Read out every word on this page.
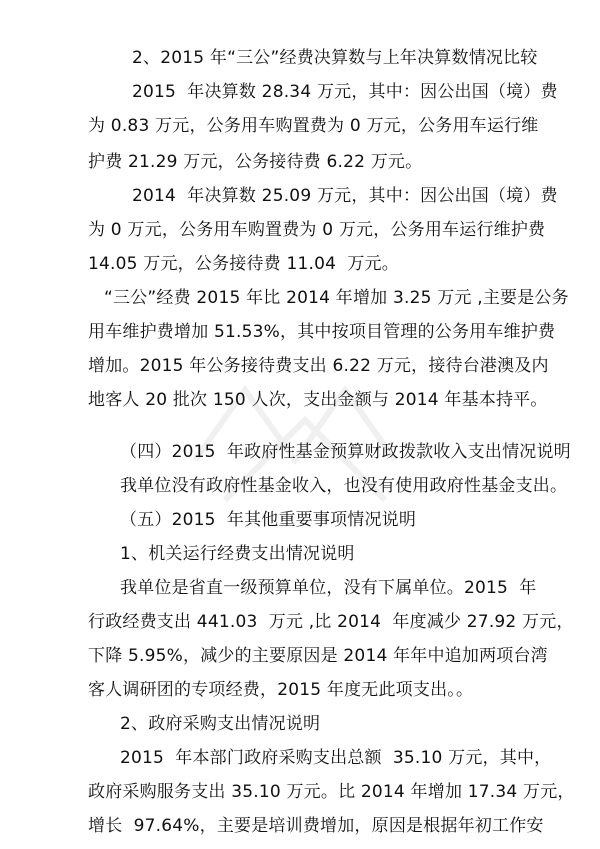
2、2015 年“三公”经费决算数与上年决算数情况比较
2015  年决算数 28.34 万元，其中：因公出国（境）费
为 0.83 万元，公务用车购置费为 0 万元，公务用车运行维
护费 21.29 万元，公务接待费 6.22 万元。
2014  年决算数 25.09 万元，其中：因公出国（境）费
为 0 万元，公务用车购置费为 0 万元，公务用车运行维护费
14.05 万元，公务接待费 11.04  万元。
“三公”经费 2015 年比 2014 年增加 3.25 万元 ,主要是公务
用车维护费增加 51.53%，其中按项目管理的公务用车维护费
增加。2015 年公务接待费支出 6.22 万元，接待台港澳及内
地客人 20 批次 150 人次，支出金额与 2014 年基本持平。
（四）2015  年政府性基金预算财政拨款收入支出情况说明
我单位没有政府性基金收入，也没有使用政府性基金支出。
（五）2015  年其他重要事项情况说明
1、机关运行经费支出情况说明
我单位是省直一级预算单位，没有下属单位。2015  年
行政经费支出 441.03  万元 ,比 2014  年度减少 27.92 万元，
下降 5.95%，减少的主要原因是 2014 年年中追加两项台湾
客人调研团的专项经费，2015 年度无此项支出。。
2、政府采购支出情况说明
2015  年本部门政府采购支出总额  35.10 万元，其中，
政府采购服务支出 35.10 万元。比 2014 年增加 17.34 万元，
增长  97.64%，主要是培训费增加，原因是根据年初工作安
